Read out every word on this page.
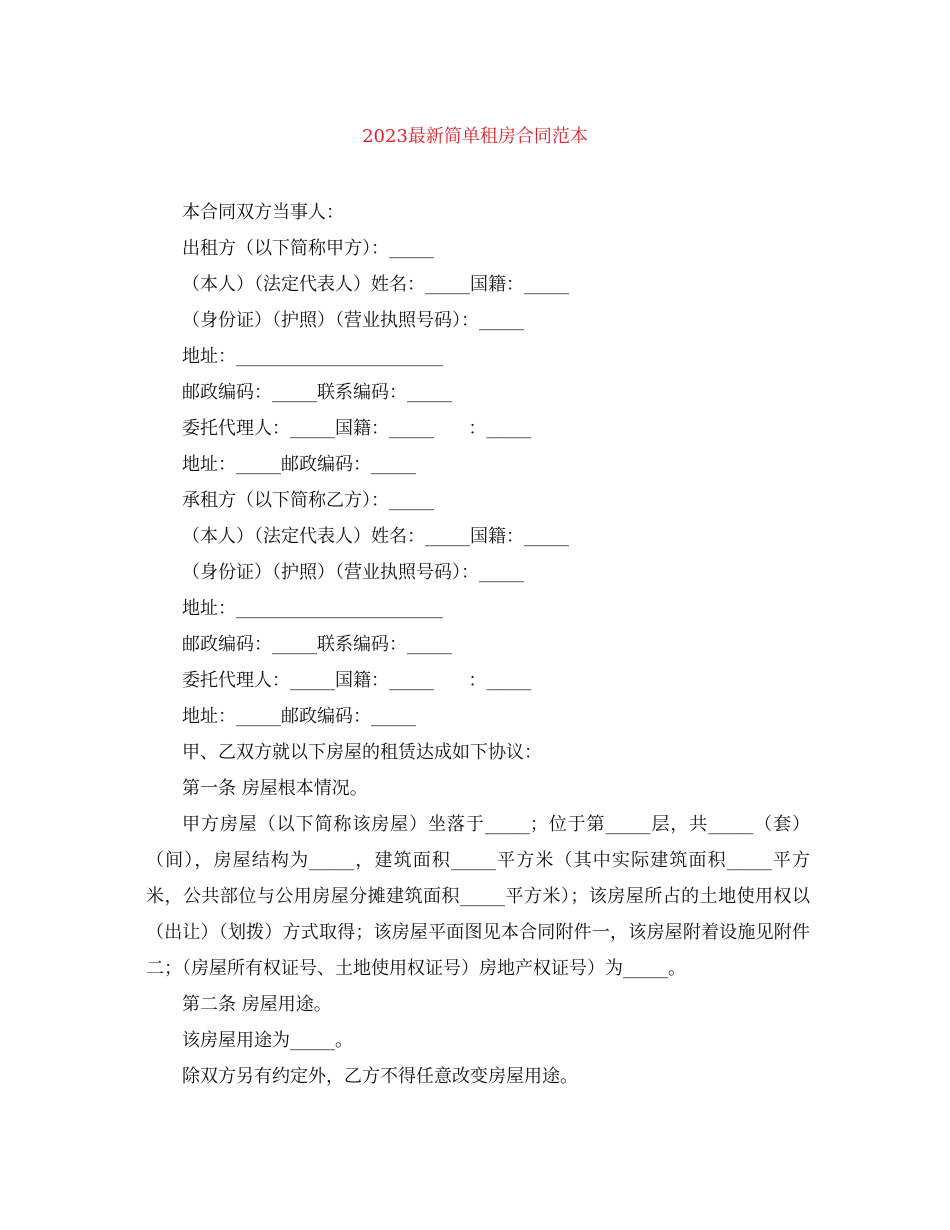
2023最新简单租房合同范本

本合同双方当事人：

出租方（以下简称甲方）：_____

（本人）（法定代表人）姓名：_____国籍：_____

（身份证）（护照）（营业执照号码）：_____

地址：_______________________

邮政编码：_____联系编码：_____

委托代理人：_____国籍：_____      ：_____

地址：_____邮政编码：_____

承租方（以下简称乙方）：_____

（本人）（法定代表人）姓名：_____国籍：_____

（身份证）（护照）（营业执照号码）：_____

地址：_______________________

邮政编码：_____联系编码：_____

委托代理人：_____国籍：_____      ：_____

地址：_____邮政编码：_____

甲、乙双方就以下房屋的租赁达成如下协议：

第一条 房屋根本情况。

甲方房屋（以下简称该房屋）坐落于_____；位于第_____层，共_____（套）（间），房屋结构为_____，建筑面积_____平方米（其中实际建筑面积_____平方米，公共部位与公用房屋分摊建筑面积_____平方米）；该房屋所占的土地使用权以（出让）（划拨）方式取得；该房屋平面图见本合同附件一，该房屋附着设施见附件二；（房屋所有权证号、土地使用权证号）房地产权证号）为_____。

第二条 房屋用途。

该房屋用途为_____。

除双方另有约定外，乙方不得任意改变房屋用途。
